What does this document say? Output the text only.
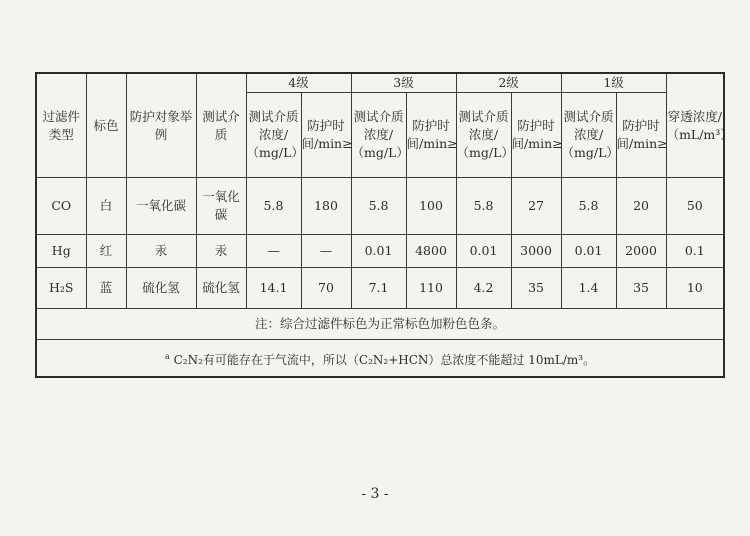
过滤件类型	标色	防护对象举例	测试介质	4级		3级		2级		1级		穿透浓度/（mL/m³）
				测试介质浓度/（mg/L）	防护时间/min≥	测试介质浓度/（mg/L）	防护时间/min≥	测试介质浓度/（mg/L）	防护时间/min≥	测试介质浓度/（mg/L）	防护时间/min≥	
CO	白	一氧化碳	一氧化碳	5.8	180	5.8	100	5.8	27	5.8	20	50
Hg	红	汞	汞	—	—	0.01	4800	0.01	3000	0.01	2000	0.1
H₂S	蓝	硫化氢	硫化氢	14.1	70	7.1	110	4.2	35	1.4	35	10
注：综合过滤件标色为正常标色加粉色色条。												
$^a$ C₂N₂有可能存在于气流中，所以（C₂N₂+HCN）总浓度不能超过 10mL/m³。												
- 3 -
